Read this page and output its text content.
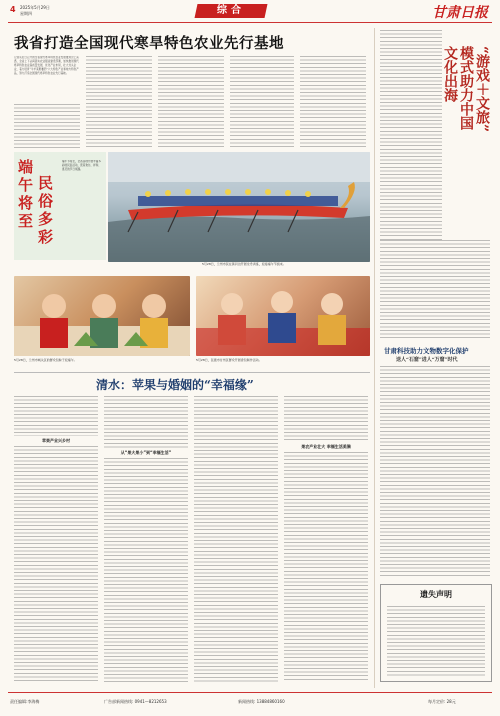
4 2025年5月29日
星期四	综合	甘肃日报
我省打造全国现代寒旱特色农业先行基地
记者从近日召开的全省现代寒旱特色农业发展推进会上获悉，全省上下认真落实农业强省建设部署，加快推进现代寒旱特色农业高质量发展，优化产业布局，壮大龙头企业，着力培育“牛羊菜果薯药”六大特色产业和地方特色产品，努力打造全国现代寒旱特色农业先行基地。
端
午
将
至
民
俗
多
彩
端午节将至，全省各地开展丰富多彩的民俗活动，营造欢乐、祥和、喜庆的节日氛围。
5月28日，兰州市民在黄河边开展龙舟训练，迎接端午节到来。
5月28日，兰州市城关区的群众包粽子迎端午。	5月28日，张掖市甘州区群众开展香包制作活动。
清水：苹果与婚姻的“幸福缘”
苹果产业兴乡村
从“果大果小”到“幸福生活”
果农产业壮大 幸福生活美满
“游戏＋文旅”
模式助力中国
文化出海
甘肃科技助力文物数字化保护
送人“石窟”进人“万窟”时代
遗失声明
责任编辑:李海梅	广告部新闻热线: 0941—8212653	新闻热线: 13884860160	每月定价: 28元
